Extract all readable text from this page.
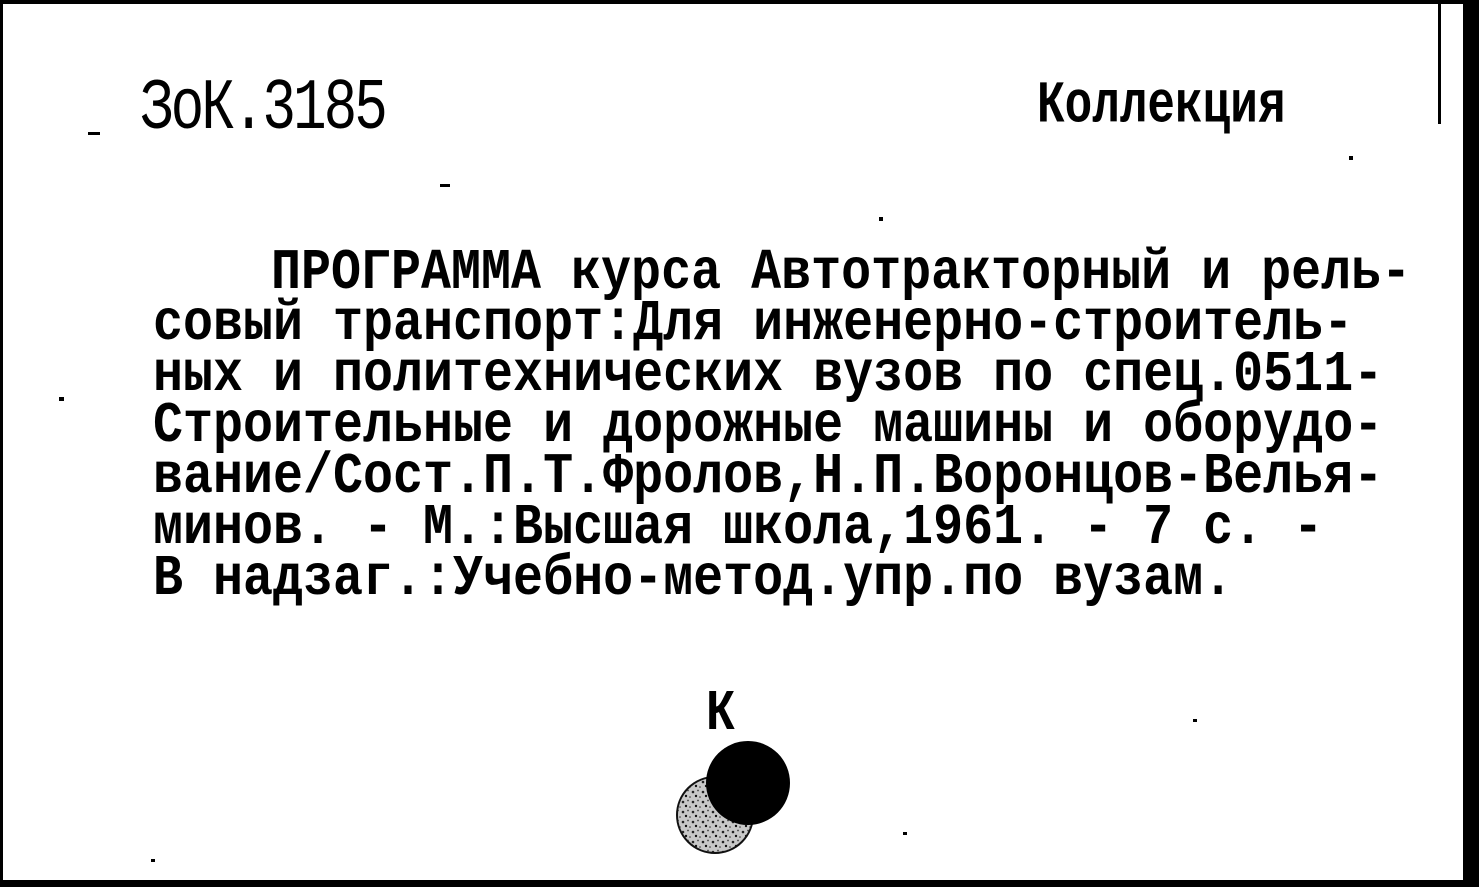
ЗоК.3185	Коллекция
ПРОГРАММА курса Автотракторный и рель-
совый транспорт:Для инженерно-строитель-
ных и политехнических вузов по спец.0511-
Строительные и дорожные машины и оборудо-
вание/Сост.П.Т.Фролов,Н.П.Воронцов-Велья-
минов. - М.:Высшая школа,1961. - 7 с. -
В надзаг.:Учебно-метод.упр.по вузам.
К
